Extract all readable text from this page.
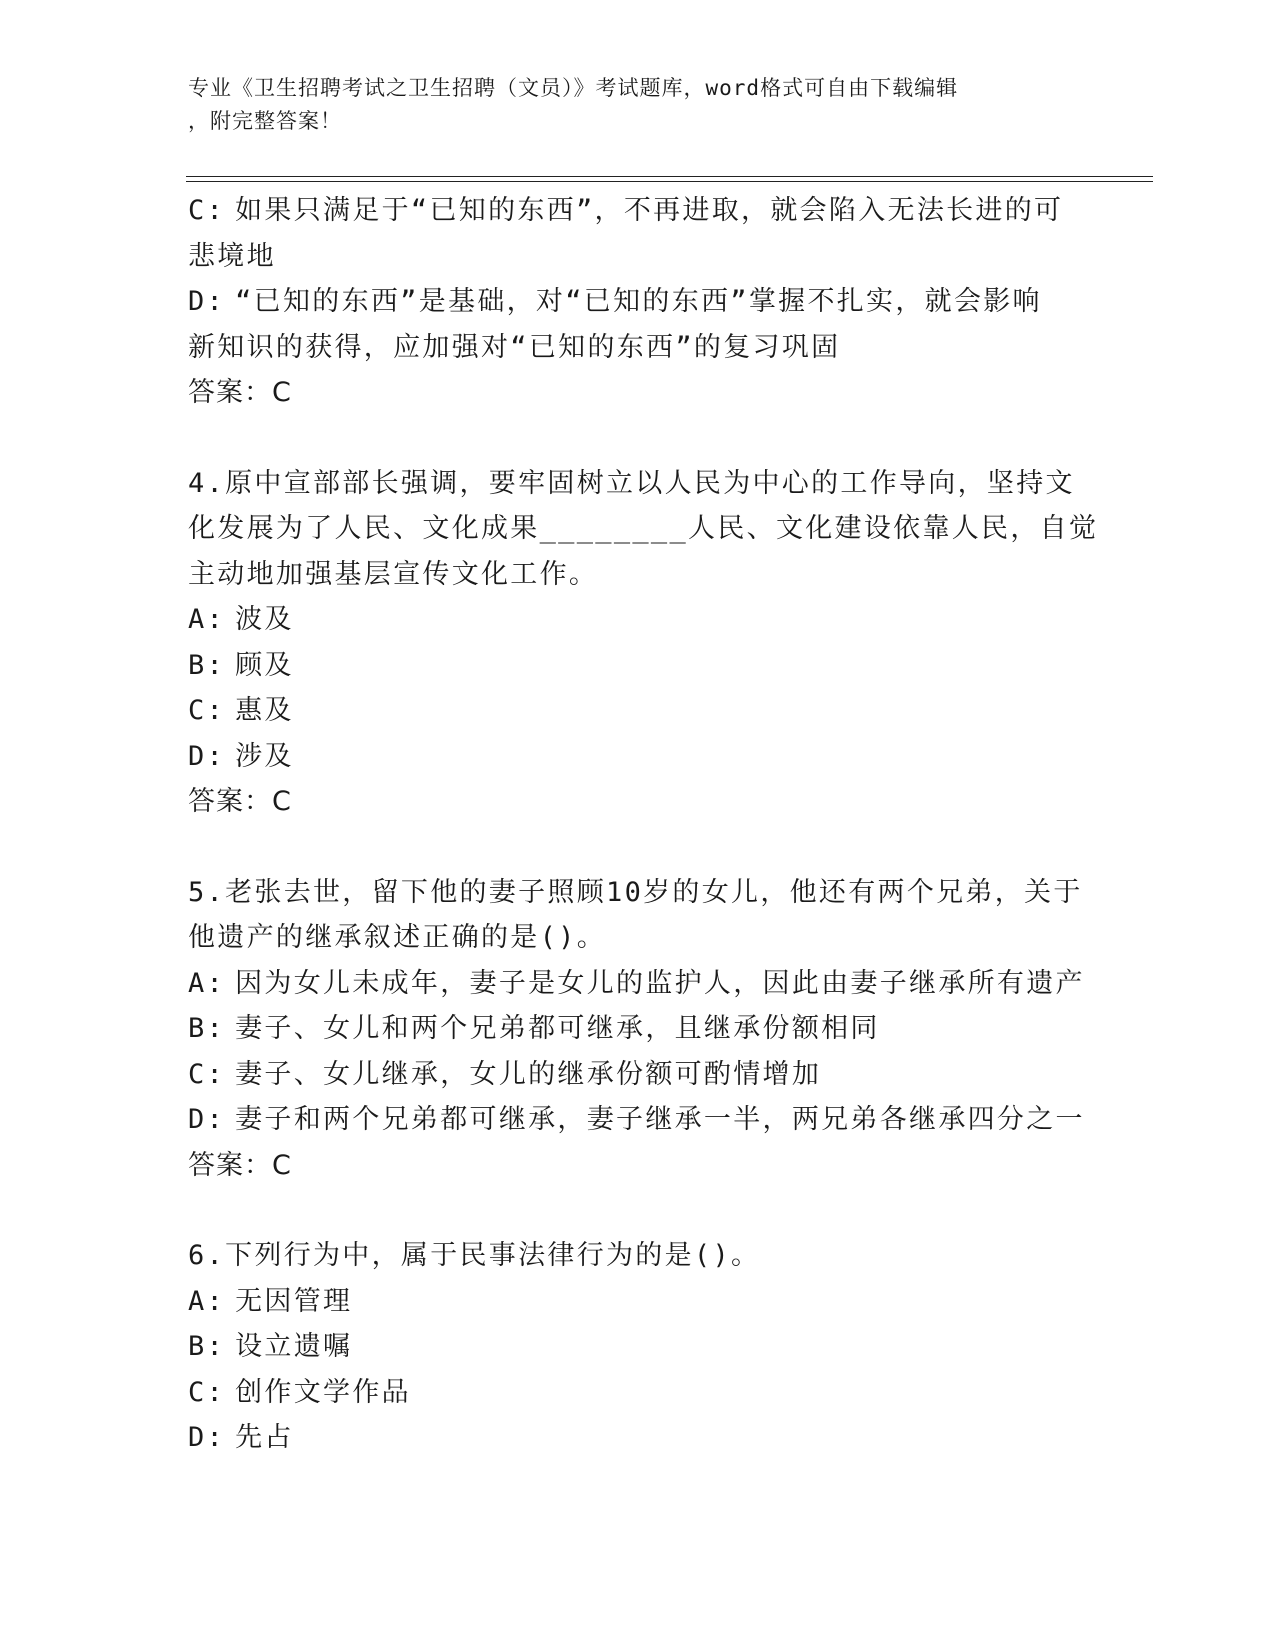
专业《卫生招聘考试之卫生招聘（文员）》考试题库，word格式可自由下载编辑
，附完整答案！
C: 如果只满足于“已知的东西”，不再进取，就会陷入无法长进的可
悲境地
D: “已知的东西”是基础，对“已知的东西”掌握不扎实，就会影响
新知识的获得，应加强对“已知的东西”的复习巩固
答案：C
4.原中宣部部长强调，要牢固树立以人民为中心的工作导向，坚持文
化发展为了人民、文化成果________人民、文化建设依靠人民，自觉
主动地加强基层宣传文化工作。
A: 波及
B: 顾及
C: 惠及
D: 涉及
答案：C
5.老张去世，留下他的妻子照顾10岁的女儿，他还有两个兄弟，关于
他遗产的继承叙述正确的是()。
A: 因为女儿未成年，妻子是女儿的监护人，因此由妻子继承所有遗产
B: 妻子、女儿和两个兄弟都可继承，且继承份额相同
C: 妻子、女儿继承，女儿的继承份额可酌情增加
D: 妻子和两个兄弟都可继承，妻子继承一半，两兄弟各继承四分之一
答案：C
6.下列行为中，属于民事法律行为的是()。
A: 无因管理
B: 设立遗嘱
C: 创作文学作品
D: 先占
